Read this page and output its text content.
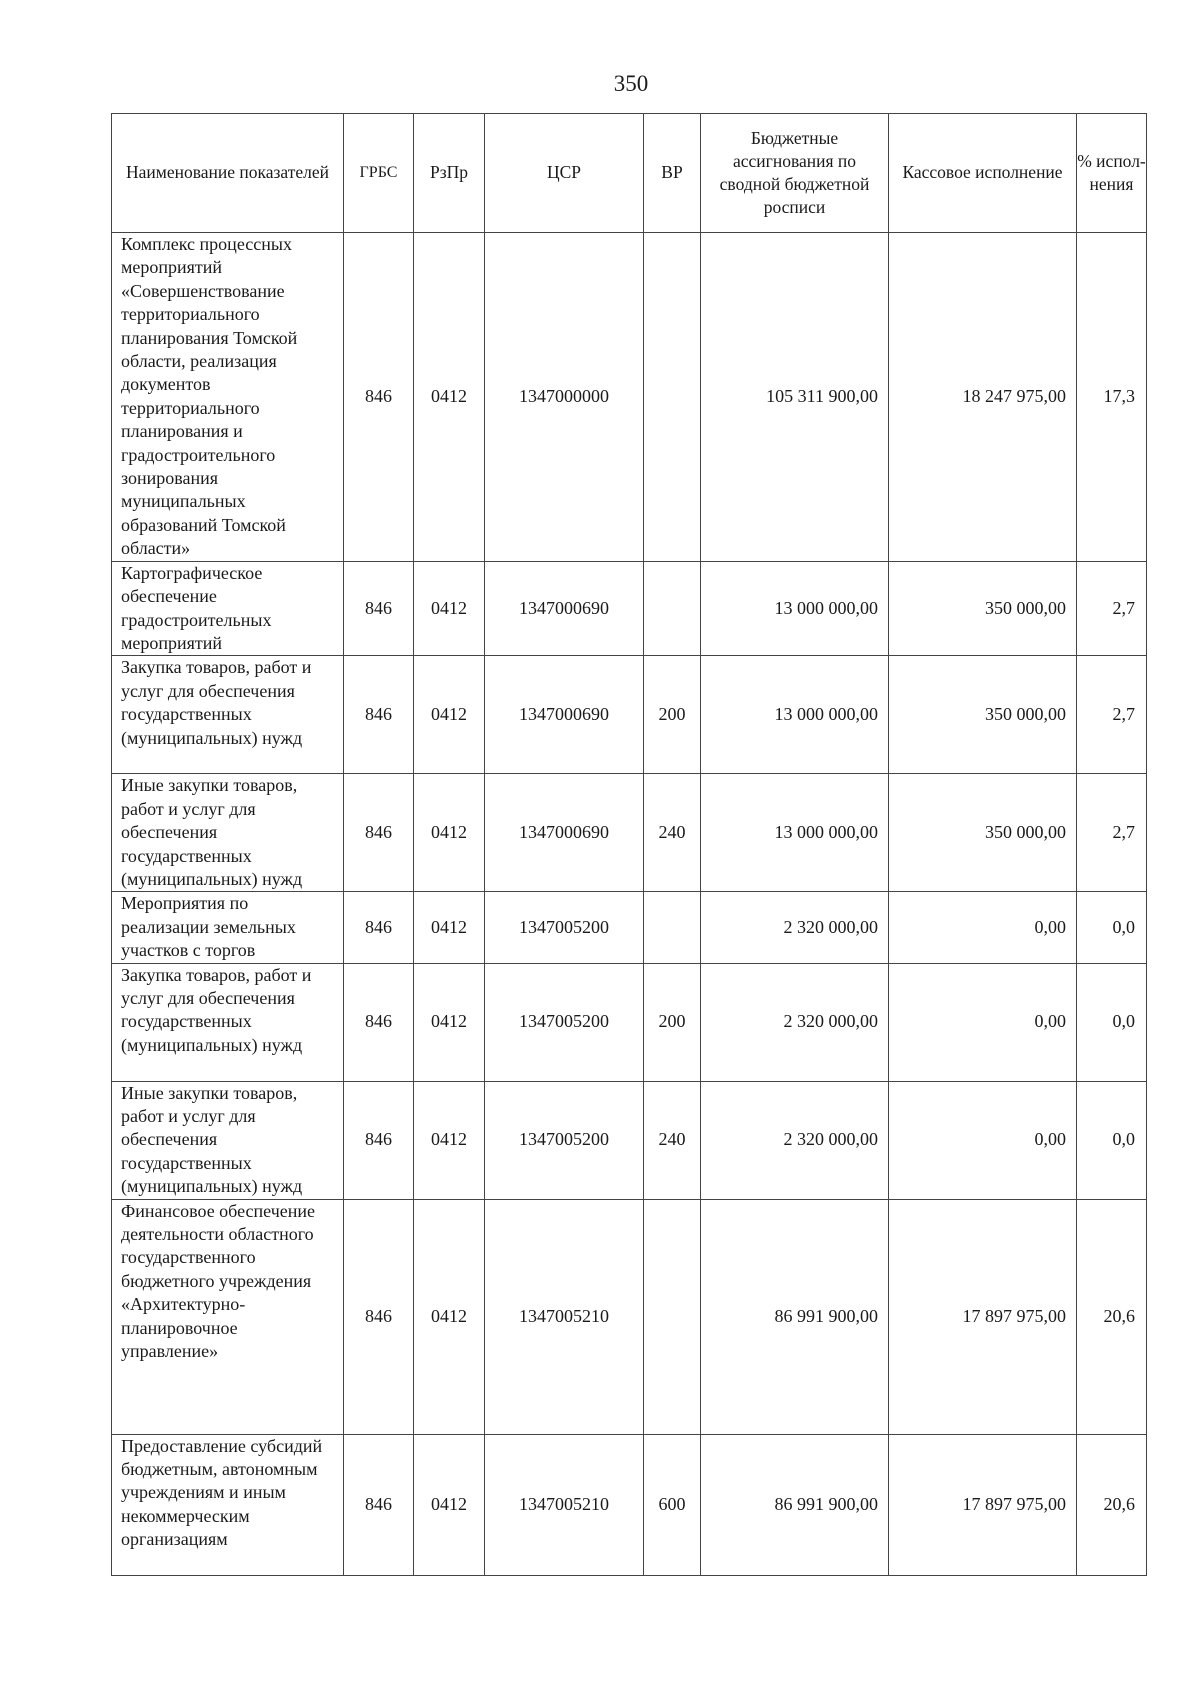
350
Наименование показателей	ГРБС	РзПр	ЦСР	ВР	Бюджетные ассигнования по сводной бюджетной росписи	Кассовое исполнение	% испол-нения
Комплекс процессных мероприятий «Совершенствование территориального планирования Томской области, реализация документов территориального планирования и градостроительного зонирования муниципальных образований Томской области»	846	0412	1347000000		105 311 900,00	18 247 975,00	17,3
Картографическое обеспечение градостроительных мероприятий	846	0412	1347000690		13 000 000,00	350 000,00	2,7
Закупка товаров, работ и услуг для обеспечения государственных (муниципальных) нужд	846	0412	1347000690	200	13 000 000,00	350 000,00	2,7
Иные закупки товаров, работ и услуг для обеспечения государственных (муниципальных) нужд	846	0412	1347000690	240	13 000 000,00	350 000,00	2,7
Мероприятия по реализации земельных участков с торгов	846	0412	1347005200		2 320 000,00	0,00	0,0
Закупка товаров, работ и услуг для обеспечения государственных (муниципальных) нужд	846	0412	1347005200	200	2 320 000,00	0,00	0,0
Иные закупки товаров, работ и услуг для обеспечения государственных (муниципальных) нужд	846	0412	1347005200	240	2 320 000,00	0,00	0,0
Финансовое обеспечение деятельности областного государственного бюджетного учреждения «Архитектурно-планировочное управление»	846	0412	1347005210		86 991 900,00	17 897 975,00	20,6
Предоставление субсидий бюджетным, автономным учреждениям и иным некоммерческим организациям	846	0412	1347005210	600	86 991 900,00	17 897 975,00	20,6
